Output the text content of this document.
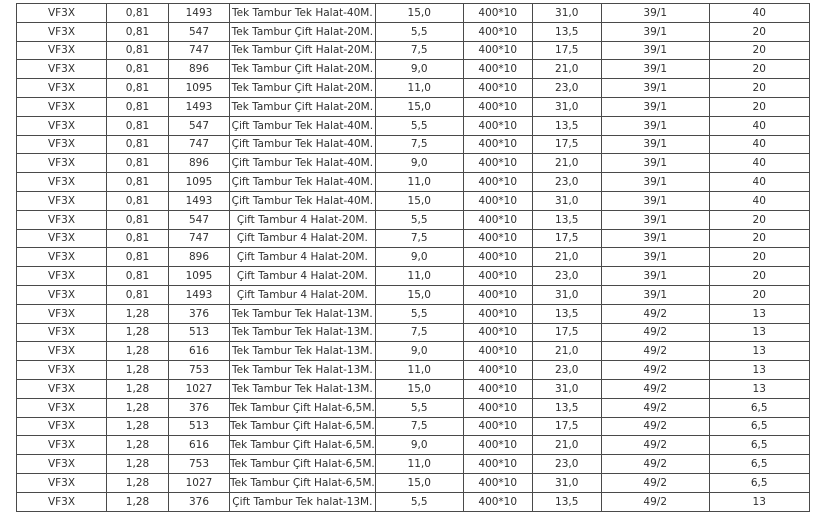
VF3X	0,81	1493	Tek Tambur Tek Halat-40M.	15,0	400*10	31,0	39/1	40
VF3X	0,81	547	Tek Tambur Çift Halat-20M.	5,5	400*10	13,5	39/1	20
VF3X	0,81	747	Tek Tambur Çift Halat-20M.	7,5	400*10	17,5	39/1	20
VF3X	0,81	896	Tek Tambur Çift Halat-20M.	9,0	400*10	21,0	39/1	20
VF3X	0,81	1095	Tek Tambur Çift Halat-20M.	11,0	400*10	23,0	39/1	20
VF3X	0,81	1493	Tek Tambur Çift Halat-20M.	15,0	400*10	31,0	39/1	20
VF3X	0,81	547	Çift Tambur Tek Halat-40M.	5,5	400*10	13,5	39/1	40
VF3X	0,81	747	Çift Tambur Tek Halat-40M.	7,5	400*10	17,5	39/1	40
VF3X	0,81	896	Çift Tambur Tek Halat-40M.	9,0	400*10	21,0	39/1	40
VF3X	0,81	1095	Çift Tambur Tek Halat-40M.	11,0	400*10	23,0	39/1	40
VF3X	0,81	1493	Çift Tambur Tek Halat-40M.	15,0	400*10	31,0	39/1	40
VF3X	0,81	547	Çift Tambur 4 Halat-20M.	5,5	400*10	13,5	39/1	20
VF3X	0,81	747	Çift Tambur 4 Halat-20M.	7,5	400*10	17,5	39/1	20
VF3X	0,81	896	Çift Tambur 4 Halat-20M.	9,0	400*10	21,0	39/1	20
VF3X	0,81	1095	Çift Tambur 4 Halat-20M.	11,0	400*10	23,0	39/1	20
VF3X	0,81	1493	Çift Tambur 4 Halat-20M.	15,0	400*10	31,0	39/1	20
VF3X	1,28	376	Tek Tambur Tek Halat-13M.	5,5	400*10	13,5	49/2	13
VF3X	1,28	513	Tek Tambur Tek Halat-13M.	7,5	400*10	17,5	49/2	13
VF3X	1,28	616	Tek Tambur Tek Halat-13M.	9,0	400*10	21,0	49/2	13
VF3X	1,28	753	Tek Tambur Tek Halat-13M.	11,0	400*10	23,0	49/2	13
VF3X	1,28	1027	Tek Tambur Tek Halat-13M.	15,0	400*10	31,0	49/2	13
VF3X	1,28	376	Tek Tambur Çift Halat-6,5M.	5,5	400*10	13,5	49/2	6,5
VF3X	1,28	513	Tek Tambur Çift Halat-6,5M.	7,5	400*10	17,5	49/2	6,5
VF3X	1,28	616	Tek Tambur Çift Halat-6,5M.	9,0	400*10	21,0	49/2	6,5
VF3X	1,28	753	Tek Tambur Çift Halat-6,5M.	11,0	400*10	23,0	49/2	6,5
VF3X	1,28	1027	Tek Tambur Çift Halat-6,5M.	15,0	400*10	31,0	49/2	6,5
VF3X	1,28	376	Çift Tambur Tek halat-13M.	5,5	400*10	13,5	49/2	13
